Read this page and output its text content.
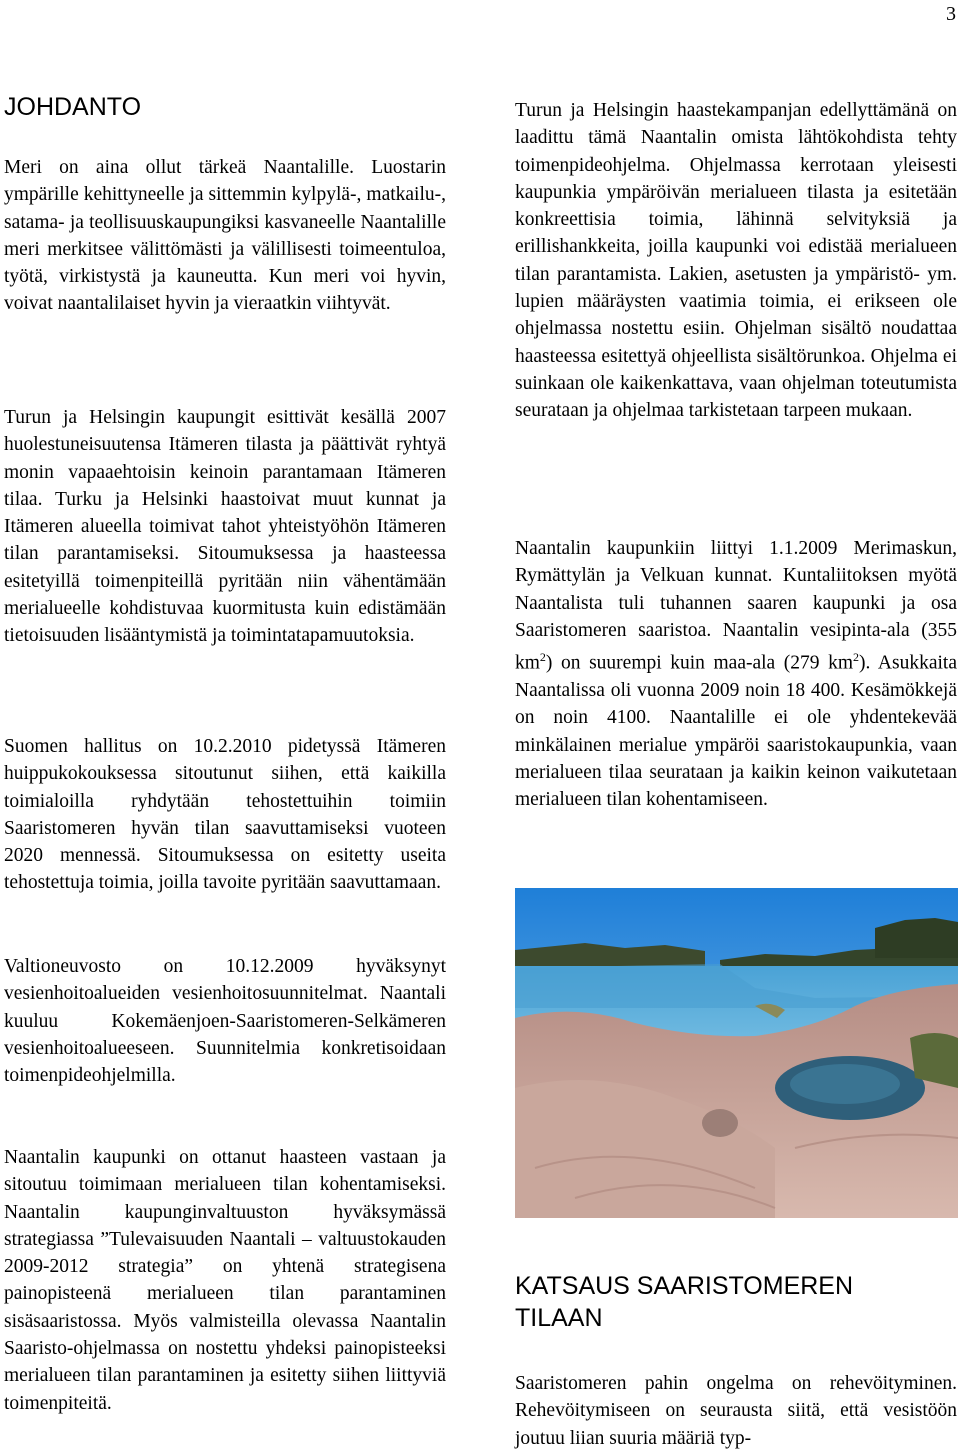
3
JOHDANTO

Meri on aina ollut tärkeä Naantalille. Luostarin ympärille kehittyneelle ja sittemmin kylpylä-, matkailu-, satama- ja teollisuuskaupungiksi kasvaneelle Naantalille meri merkitsee välittömästi ja välillisesti toimeentuloa, työtä, virkistystä ja kauneutta. Kun meri voi hyvin, voivat naantalilaiset hyvin ja vieraatkin viihtyvät.

Turun ja Helsingin kaupungit esittivät kesällä 2007 huolestuneisuutensa Itämeren tilasta ja päättivät ryhtyä monin vapaaehtoisin keinoin parantamaan Itämeren tilaa. Turku ja Helsinki haastoivat muut kunnat ja Itämeren alueella toimivat tahot yhteistyöhön Itämeren tilan parantamiseksi. Sitoumuksessa ja haasteessa esitetyillä toimenpiteillä pyritään niin vähentämään merialueelle kohdistuvaa kuormitusta kuin edistämään tietoisuuden lisääntymistä ja toimintatapamuutoksia.

Suomen hallitus on 10.2.2010 pidetyssä Itämeren huippukokouksessa sitoutunut siihen, että kaikilla toimialoilla ryhdytään tehostettuihin toimiin Saaristomeren hyvän tilan saavuttamiseksi vuoteen 2020 mennessä. Sitoumuksessa on esitetty useita tehostettuja toimia, joilla tavoite pyritään saavuttamaan.

Valtioneuvosto on 10.12.2009 hyväksynyt vesienhoitoalueiden vesienhoitosuunnitelmat. Naantali kuuluu Kokemäenjoen-Saaristomeren-Selkämeren vesienhoitoalueeseen. Suunnitelmia konkretisoidaan toimenpideohjelmilla.

Naantalin kaupunki on ottanut haasteen vastaan ja sitoutuu toimimaan merialueen tilan kohentamiseksi. Naantalin kaupunginvaltuuston hyväksymässä strategiassa ”Tulevaisuuden Naantali – valtuustokauden 2009-2012 strategia” on yhtenä strategisena painopisteenä merialueen tilan parantaminen sisäsaaristossa. Myös valmisteilla olevassa Naantalin Saaristo-ohjelmassa on nostettu yhdeksi painopisteeksi merialueen tilan parantaminen ja esitetty siihen liittyviä toimenpiteitä.

Turun ja Helsingin haastekampanjan edellyttämänä on laadittu tämä Naantalin omista lähtökohdista tehty toimenpideohjelma. Ohjelmassa kerrotaan yleisesti kaupunkia ympäröivän merialueen tilasta ja esitetään konkreettisia toimia, lähinnä selvityksiä ja erillishankkeita, joilla kaupunki voi edistää merialueen tilan parantamista. Lakien, asetusten ja ympäristö- ym. lupien määräysten vaatimia toimia, ei erikseen ole ohjelmassa nostettu esiin. Ohjelman sisältö noudattaa haasteessa esitettyä ohjeellista sisältörunkoa. Ohjelma ei suinkaan ole kaikenkattava, vaan ohjelman toteutumista seurataan ja ohjelmaa tarkistetaan tarpeen mukaan.

Naantalin kaupunkiin liittyi 1.1.2009 Merimaskun, Rymättylän ja Velkuan kunnat. Kuntaliitoksen myötä Naantalista tuli tuhannen saaren kaupunki ja osa Saaristomeren saaristoa. Naantalin vesipinta-ala (355 $km^2$) on suurempi kuin maa-ala (279 $km^2$). Asukkaita Naantalissa oli vuonna 2009 noin 18 400. Kesämökkejä on noin 4100. Naantalille ei ole yhdentekevää minkälainen merialue ympäröi saaristokaupunkia, vaan merialueen tilaa seurataan ja kaikin keinon vaikutetaan merialueen tilan kohentamiseen.

KATSAUS SAARISTOMEREN TILAAN

Saaristomeren pahin ongelma on rehevöityminen. Rehevöitymiseen on seurausta siitä, että vesistöön joutuu liian suuria määriä typ-
